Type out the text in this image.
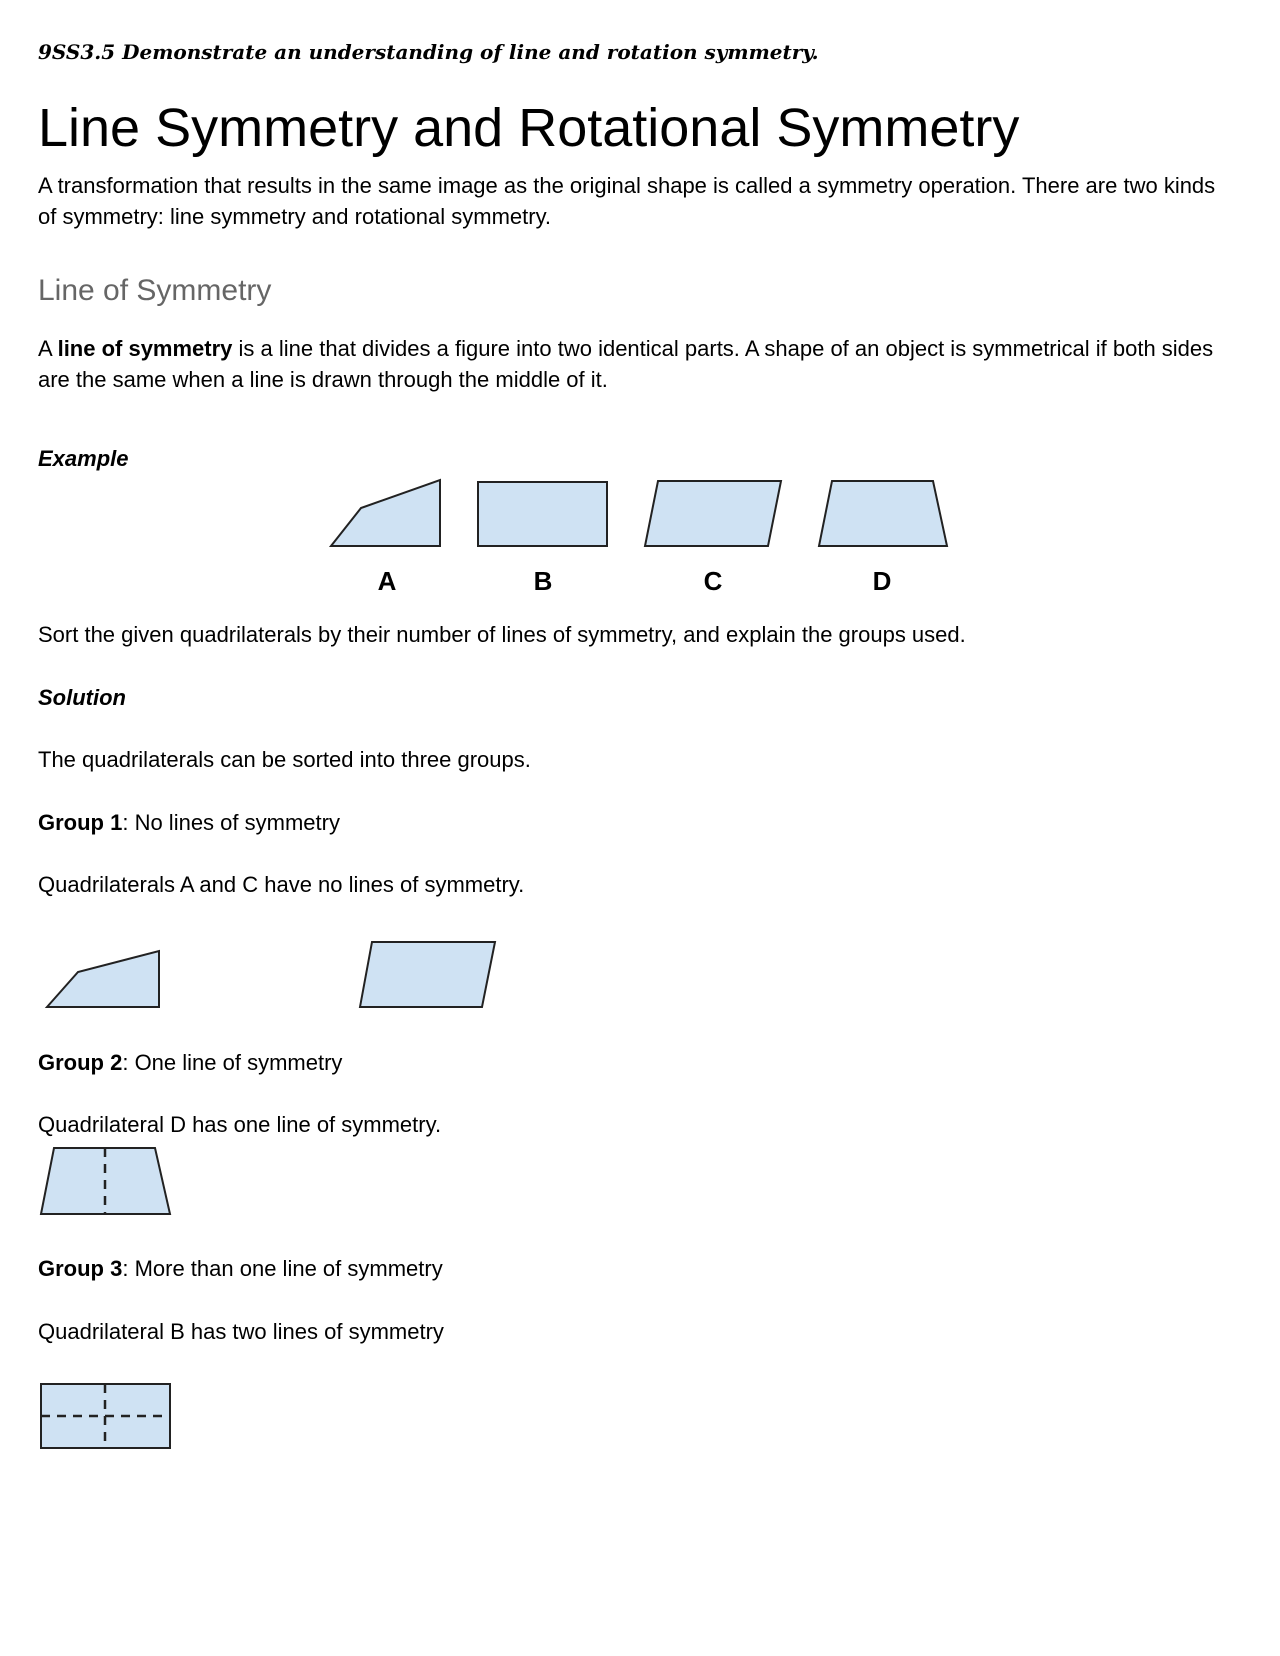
9SS3.5 Demonstrate an understanding of line and rotation symmetry.
Line Symmetry and Rotational Symmetry

A transformation that results in the same image as the original shape is called a symmetry operation. There are two kinds of symmetry: line symmetry and rotational symmetry.

Line of Symmetry

A line of symmetry is a line that divides a figure into two identical parts. A shape of an object is symmetrical if both sides are the same when a line is drawn through the middle of it.

Example
Sort the given quadrilaterals by their number of lines of symmetry, and explain the groups used.
Solution
The quadrilaterals can be sorted into three groups.
Group 1: No lines of symmetry
Quadrilaterals A and C have no lines of symmetry.
Group 2: One line of symmetry
Quadrilateral D has one line of symmetry.
Group 3: More than one line of symmetry
Quadrilateral B has two lines of symmetry
A	B	C	D
